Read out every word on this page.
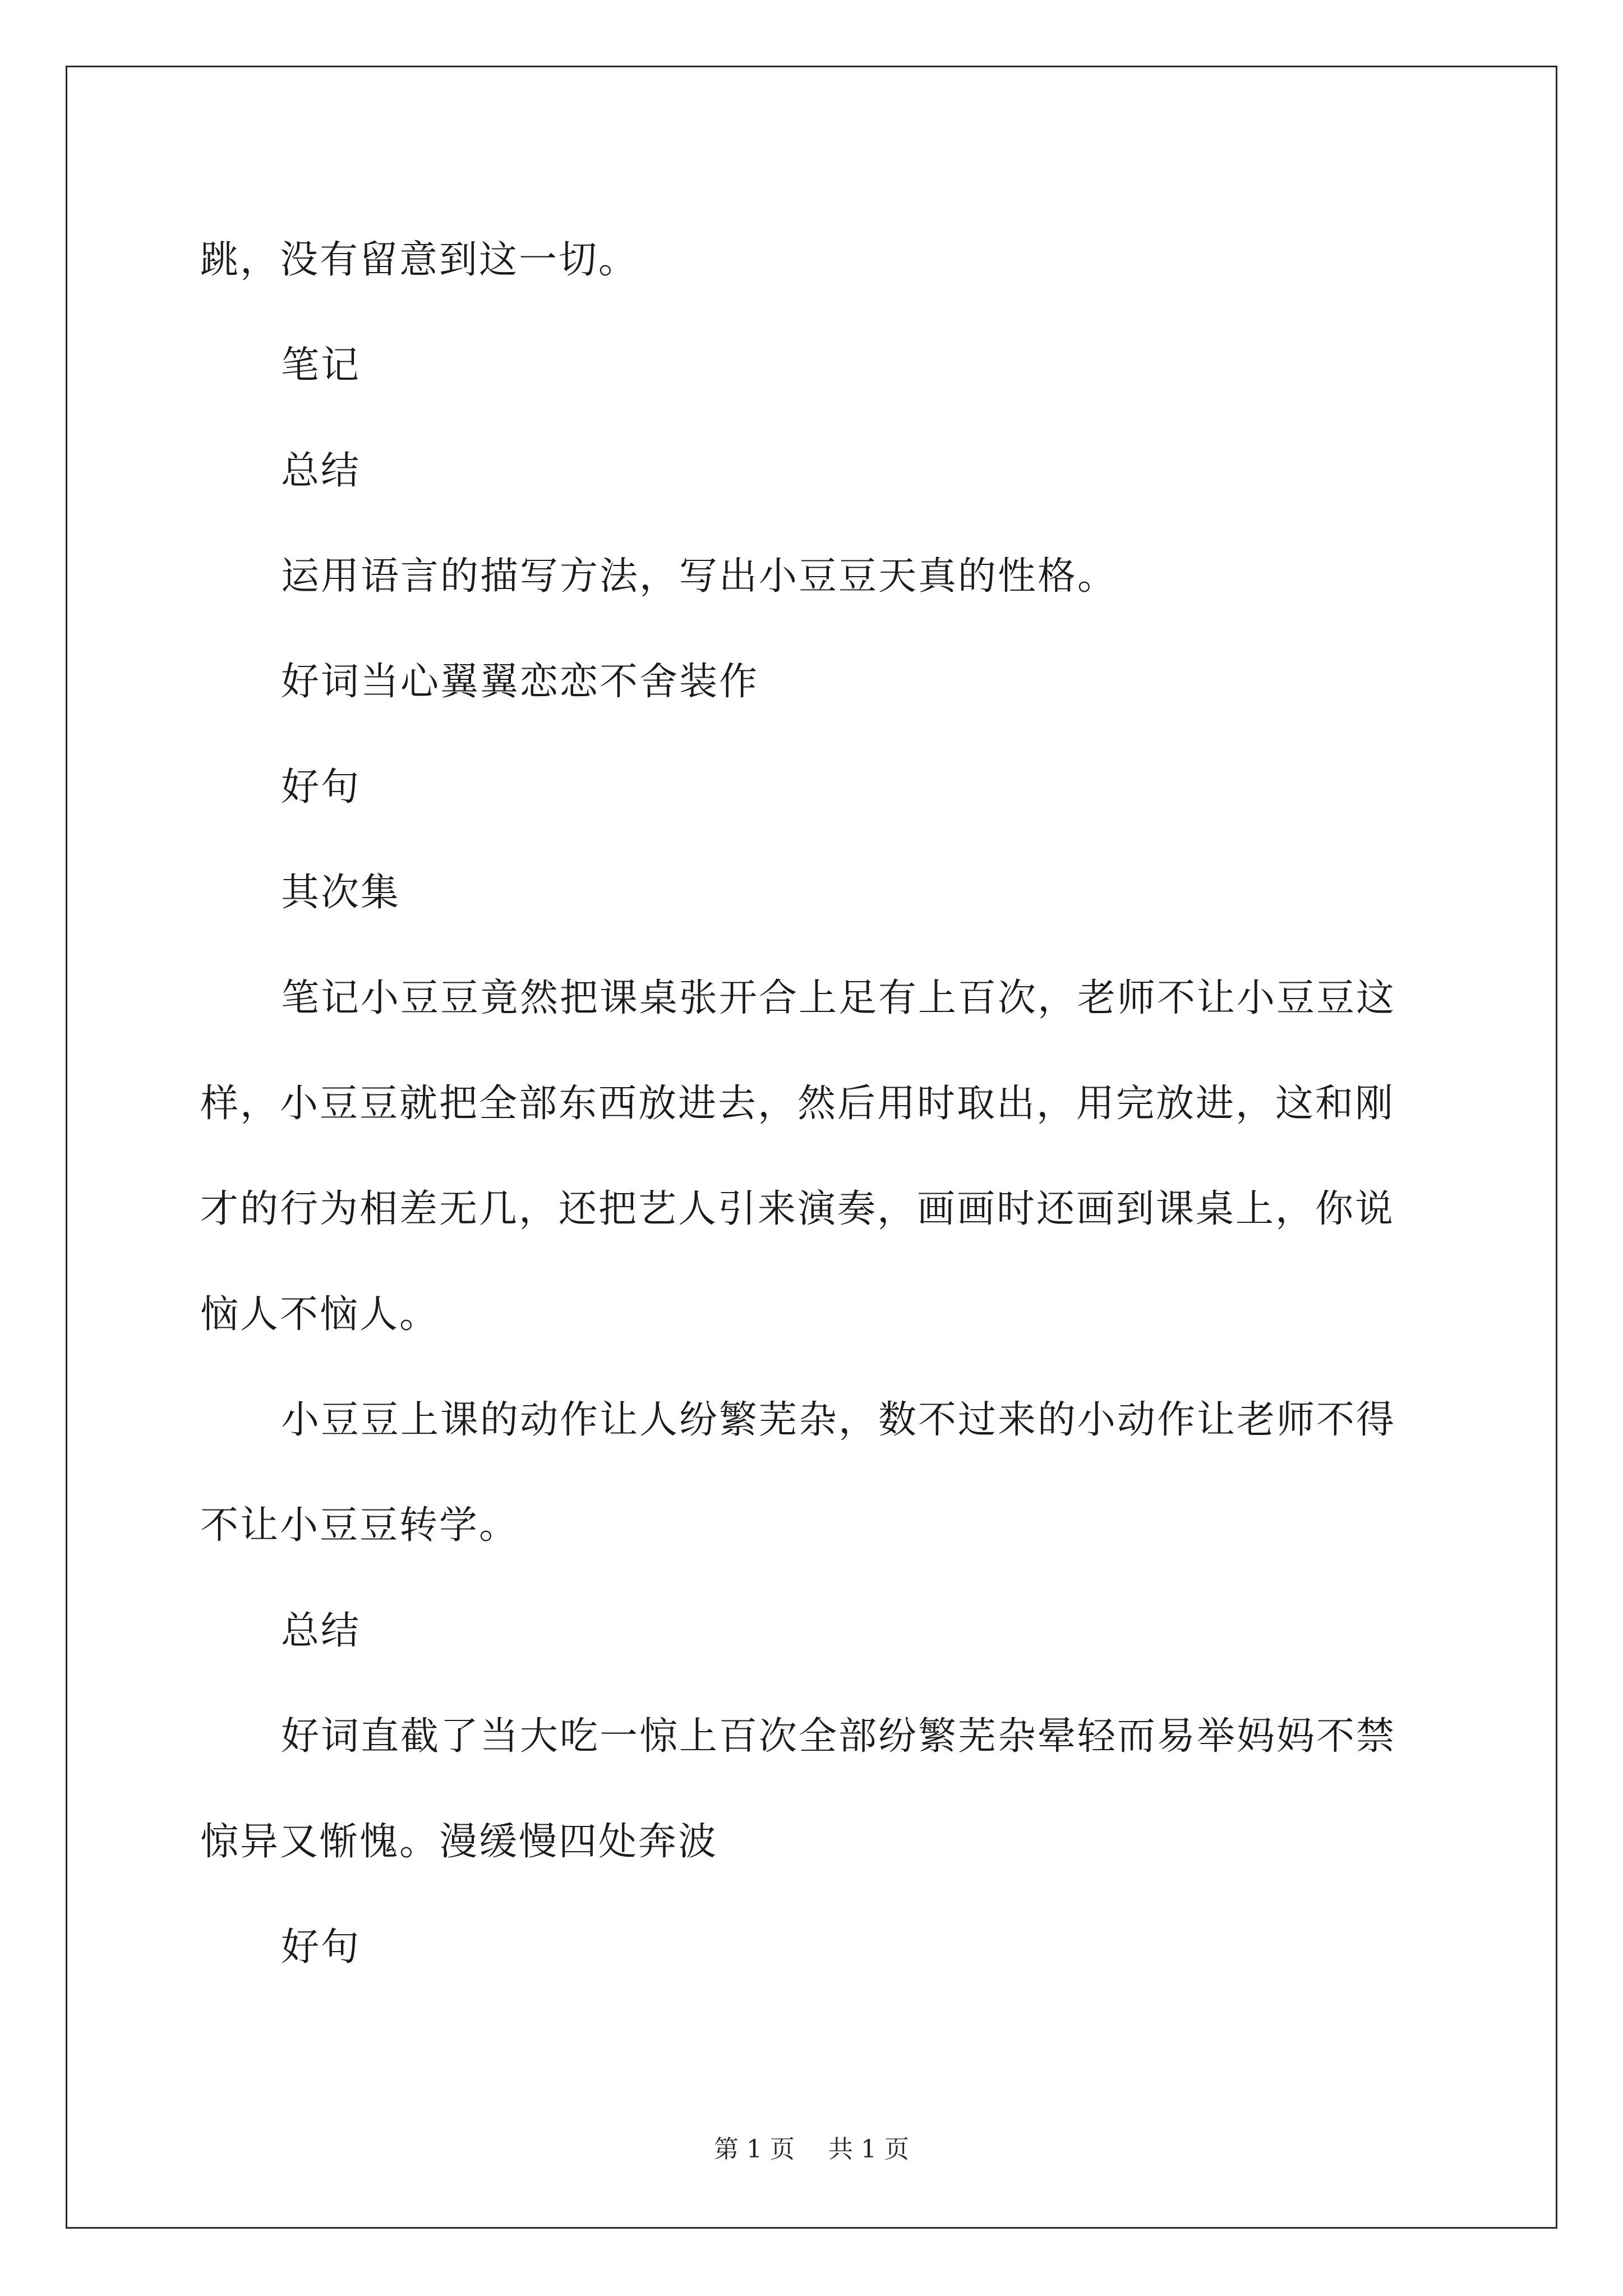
跳，没有留意到这一切。

笔记

总结

运用语言的描写方法，写出小豆豆天真的性格。

好词当心翼翼恋恋不舍装作

好句

其次集

笔记小豆豆竟然把课桌张开合上足有上百次，老师不让小豆豆这样，小豆豆就把全部东西放进去，然后用时取出，用完放进，这和刚才的行为相差无几，还把艺人引来演奏，画画时还画到课桌上，你说恼人不恼人。

小豆豆上课的动作让人纷繁芜杂，数不过来的小动作让老师不得不让小豆豆转学。

总结

好词直截了当大吃一惊上百次全部纷繁芜杂晕轻而易举妈妈不禁惊异又惭愧。漫缓慢四处奔波

好句

第 1 页 共 1 页
